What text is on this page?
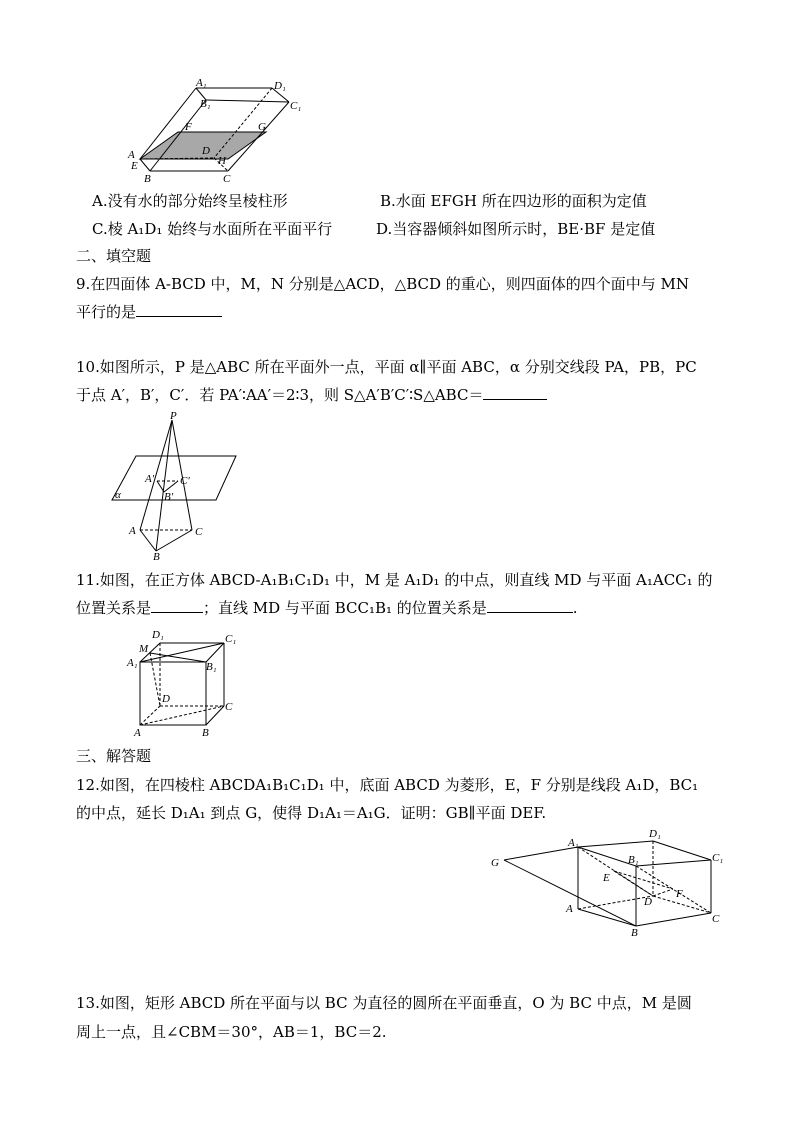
A₁	D₁
B₁	C₁
F	G
D
A	H
E
B	C
A.没有水的部分始终呈棱柱形	B.水面 EFGH 所在四边形的面积为定值
C.棱 A₁D₁ 始终与水面所在平面平行	D.当容器倾斜如图所示时，BE·BF 是定值
二、填空题
9.在四面体 A-BCD 中，M，N 分别是△ACD，△BCD 的重心，则四面体的四个面中与 MN
平行的是
10.如图所示，P 是△ABC 所在平面外一点，平面 α∥平面 ABC，α 分别交线段 PA，PB，PC
于点 A′，B′，C′．若 PA′∶AA′＝2∶3，则 S△A′B′C′∶S△ABC＝
P
A′ C′
B′
α
A	C
B
11.如图，在正方体 ABCD-A₁B₁C₁D₁ 中，M 是 A₁D₁ 的中点，则直线 MD 与平面 A₁ACC₁ 的
位置关系是	；直线 MD 与平面 BCC₁B₁ 的位置关系是	.
D₁	C₁
M
A₁	B₁
D
C
A	B
三、解答题
12.如图，在四棱柱 ABCDA₁B₁C₁D₁ 中，底面 ABCD 为菱形，E，F 分别是线段 A₁D，BC₁
的中点，延长 D₁A₁ 到点 G，使得 D₁A₁＝A₁G．证明：GB∥平面 DEF.
D₁
A₁
G	B₁	C₁
E
F
D
A
B
C
13.如图，矩形 ABCD 所在平面与以 BC 为直径的圆所在平面垂直，O 为 BC 中点，M 是圆
周上一点，且∠CBM＝30°，AB＝1，BC＝2.
